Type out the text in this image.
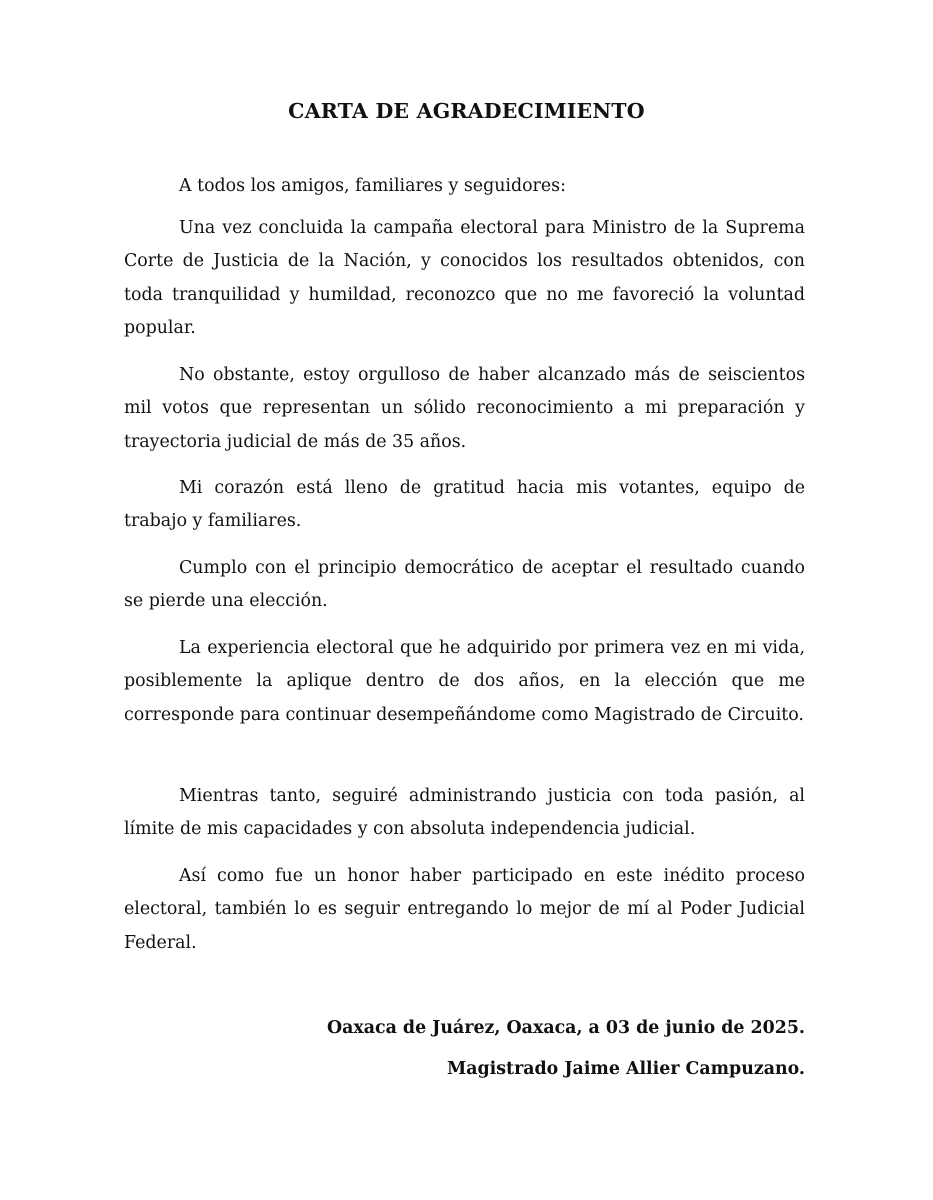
CARTA DE AGRADECIMIENTO

A todos los amigos, familiares y seguidores:

Una vez concluida la campaña electoral para Ministro de la Suprema Corte de Justicia de la Nación, y conocidos los resultados obtenidos, con toda tranquilidad y humildad, reconozco que no me favoreció la voluntad popular.

No obstante, estoy orgulloso de haber alcanzado más de seiscientos mil votos que representan un sólido reconocimiento a mi preparación y trayectoria judicial de más de 35 años.

Mi corazón está lleno de gratitud hacia mis votantes, equipo de trabajo y familiares.

Cumplo con el principio democrático de aceptar el resultado cuando se pierde una elección.

La experiencia electoral que he adquirido por primera vez en mi vida, posiblemente la aplique dentro de dos años, en la elección que me corresponde para continuar desempeñándome como Magistrado de Circuito.

Mientras tanto, seguiré administrando justicia con toda pasión, al límite de mis capacidades y con absoluta independencia judicial.

Así como fue un honor haber participado en este inédito proceso electoral, también lo es seguir entregando lo mejor de mí al Poder Judicial Federal.

Oaxaca de Juárez, Oaxaca, a 03 de junio de 2025.
Magistrado Jaime Allier Campuzano.
